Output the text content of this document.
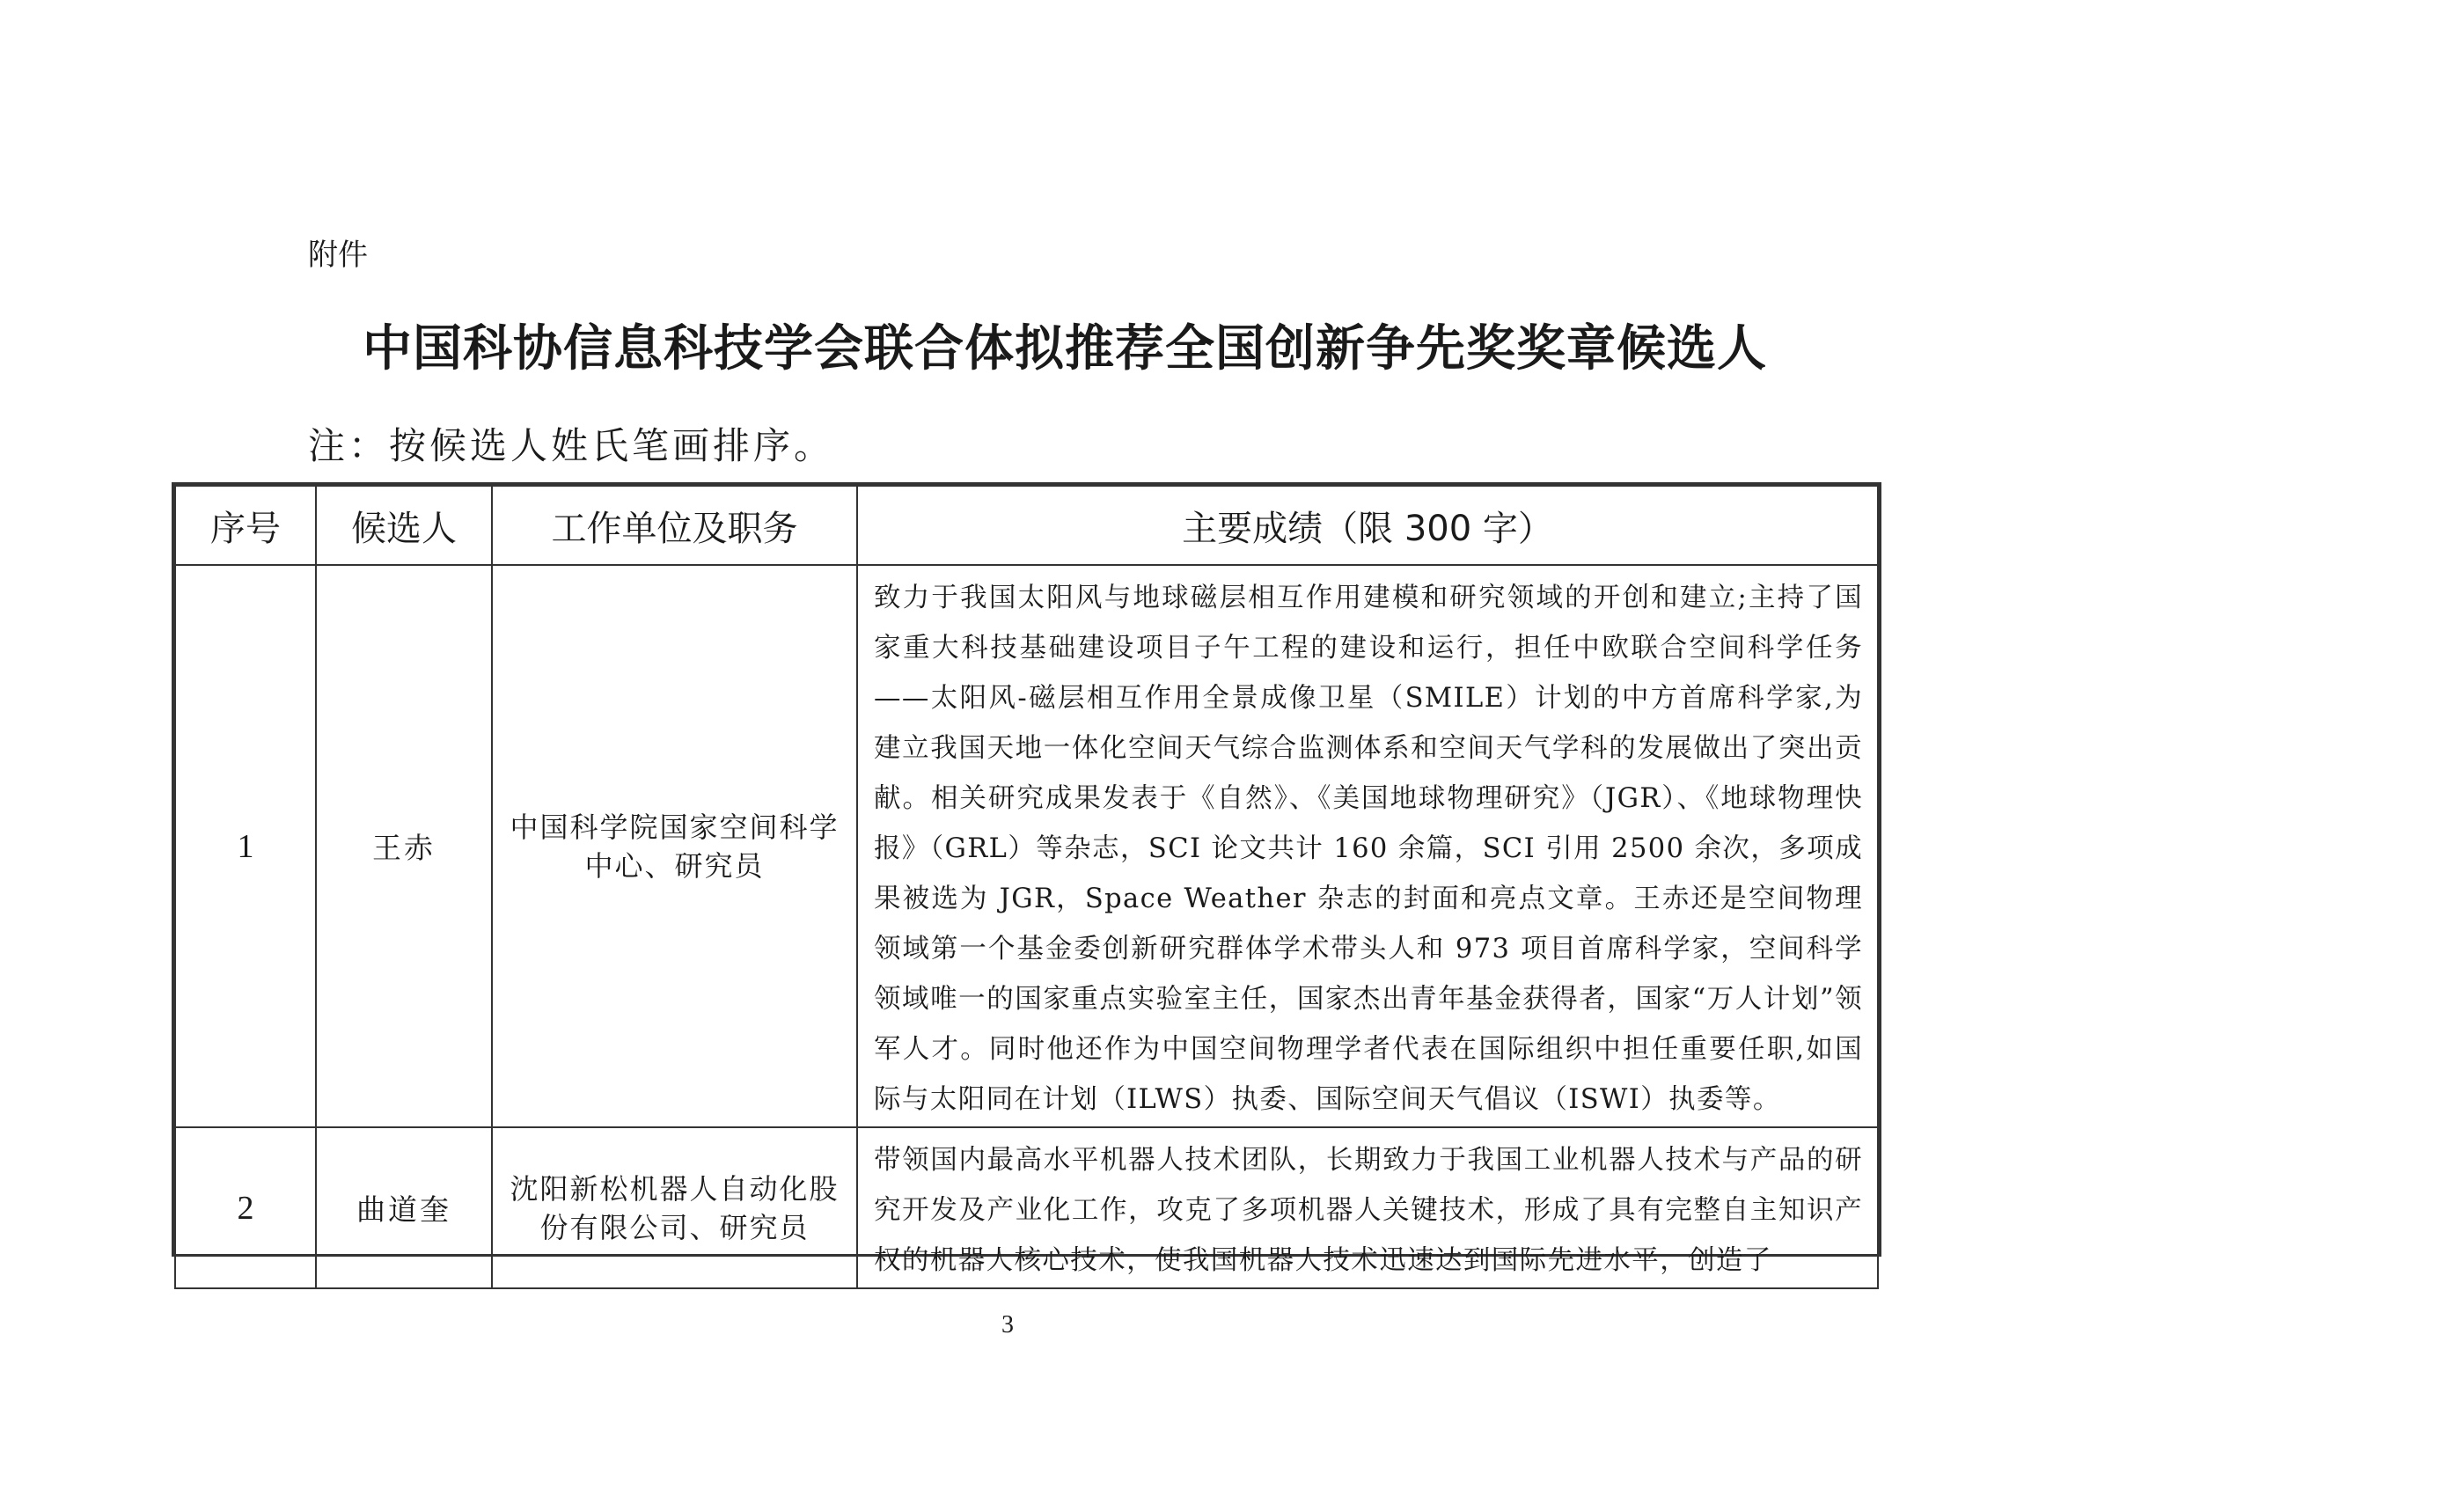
附件
中国科协信息科技学会联合体拟推荐全国创新争先奖奖章候选人
注：按候选人姓氏笔画排序。
序号	候选人	工作单位及职务	主要成绩（限 300 字）
1	王赤	中国科学院国家空间科学中心、研究员	致力于我国太阳风与地球磁层相互作用建模和研究领域的开创和建立;主持了国家重大科技基础建设项目子午工程的建设和运行，担任中欧联合空间科学任务——太阳风-磁层相互作用全景成像卫星（SMILE）计划的中方首席科学家,为建立我国天地一体化空间天气综合监测体系和空间天气学科的发展做出了突出贡献。相关研究成果发表于《自然》、《美国地球物理研究》（JGR）、《地球物理快报》（GRL）等杂志，SCI 论文共计 160 余篇，SCI 引用 2500 余次，多项成果被选为 JGR，Space Weather 杂志的封面和亮点文章。王赤还是空间物理领域第一个基金委创新研究群体学术带头人和 973 项目首席科学家，空间科学领域唯一的国家重点实验室主任，国家杰出青年基金获得者，国家“万人计划”领军人才。同时他还作为中国空间物理学者代表在国际组织中担任重要任职,如国际与太阳同在计划（ILWS）执委、国际空间天气倡议（ISWI）执委等。
2	曲道奎	沈阳新松机器人自动化股份有限公司、研究员	带领国内最高水平机器人技术团队，长期致力于我国工业机器人技术与产品的研究开发及产业化工作，攻克了多项机器人关键技术，形成了具有完整自主知识产权的机器人核心技术，使我国机器人技术迅速达到国际先进水平，创造了
3
